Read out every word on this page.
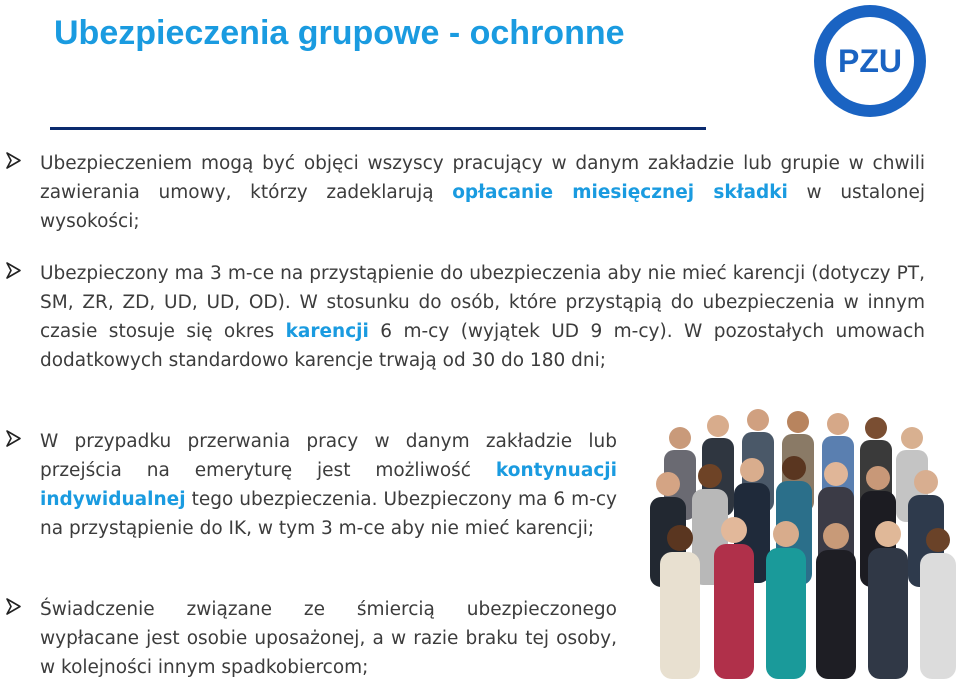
Ubezpieczenia grupowe - ochronne
PZU
Ubezpieczeniem mogą być objęci wszyscy pracujący w danym zakładzie lub grupie w chwili zawierania umowy, którzy zadeklarują opłacanie miesięcznej składki w ustalonej wysokości;
Ubezpieczony ma 3 m-ce na przystąpienie do ubezpieczenia aby nie mieć karencji (dotyczy PT, SM, ZR, ZD, UD, UD, OD). W stosunku do osób, które przystąpią do ubezpieczenia w innym czasie stosuje się okres karencji 6 m-cy (wyjątek UD 9 m-cy). W pozostałych umowach dodatkowych standardowo karencje trwają od 30 do 180 dni;
W przypadku przerwania pracy w danym zakładzie lub przejścia na emeryturę jest możliwość kontynuacji indywidualnej tego ubezpieczenia. Ubezpieczony ma 6 m-cy na przystąpienie do IK, w tym 3 m-ce aby nie mieć karencji;
Świadczenie związane ze śmiercią ubezpieczonego wypłacane jest osobie uposażonej, a w razie braku tej osoby, w kolejności innym spadkobiercom;
